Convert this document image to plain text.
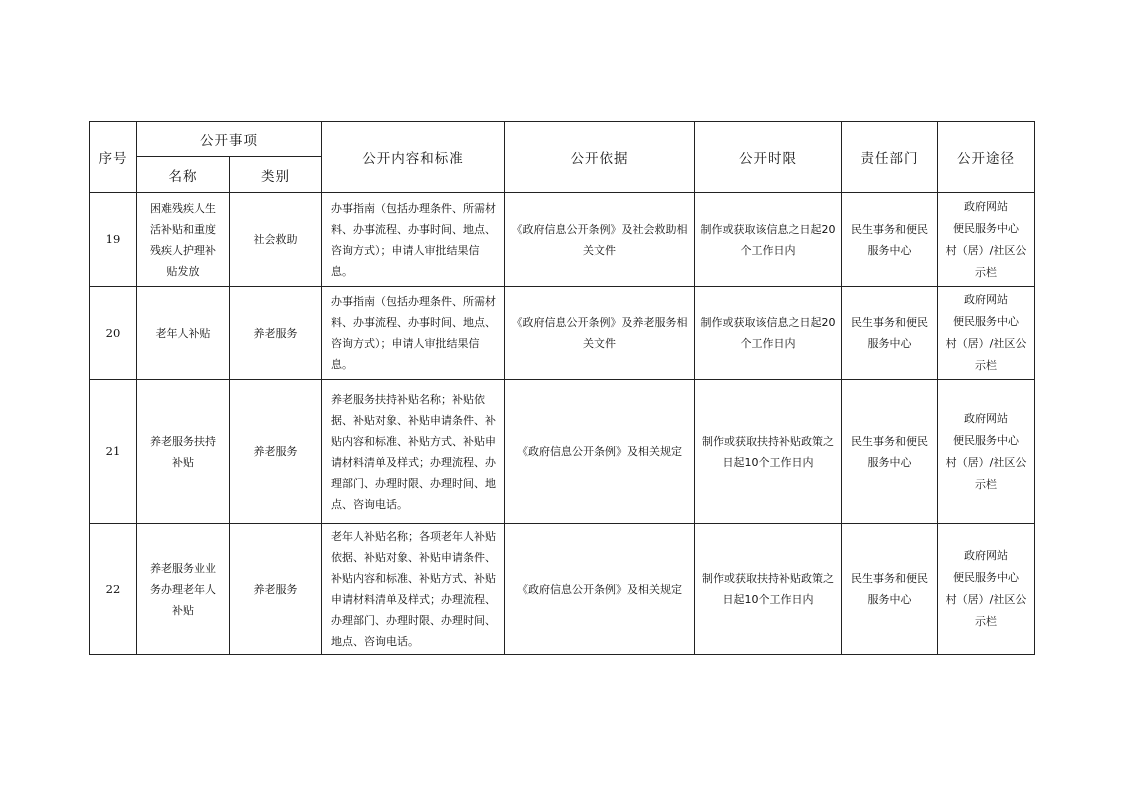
序号	公开事项		公开内容和标准	公开依据	公开时限	责任部门	公开途径
	名称	类别					
19	困难残疾人生活补贴和重度残疾人护理补贴发放	社会救助	办事指南（包括办理条件、所需材料、办事流程、办事时间、地点、咨询方式）；申请人审批结果信息。	《政府信息公开条例》及社会救助相关文件	制作或获取该信息之日起20个工作日内	民生事务和便民服务中心	政府网站
便民服务中心
村（居）/社区公示栏

20	老年人补贴	养老服务	办事指南（包括办理条件、所需材料、办事流程、办事时间、地点、咨询方式）；申请人审批结果信息。	《政府信息公开条例》及养老服务相关文件	制作或获取该信息之日起20个工作日内	民生事务和便民服务中心	政府网站
便民服务中心
村（居）/社区公示栏

21	养老服务扶持补贴	养老服务	养老服务扶持补贴名称；补贴依据、补贴对象、补贴申请条件、补贴内容和标准、补贴方式、补贴申请材料清单及样式；办理流程、办理部门、办理时限、办理时间、地点、咨询电话。	《政府信息公开条例》及相关规定	制作或获取扶持补贴政策之日起10个工作日内	民生事务和便民服务中心	政府网站
便民服务中心
村（居）/社区公示栏

22	养老服务业业务办理老年人补贴	养老服务	老年人补贴名称；各项老年人补贴依据、补贴对象、补贴申请条件、补贴内容和标准、补贴方式、补贴申请材料清单及样式；办理流程、办理部门、办理时限、办理时间、地点、咨询电话。	《政府信息公开条例》及相关规定	制作或获取扶持补贴政策之日起10个工作日内	民生事务和便民服务中心	政府网站
便民服务中心
村（居）/社区公示栏
